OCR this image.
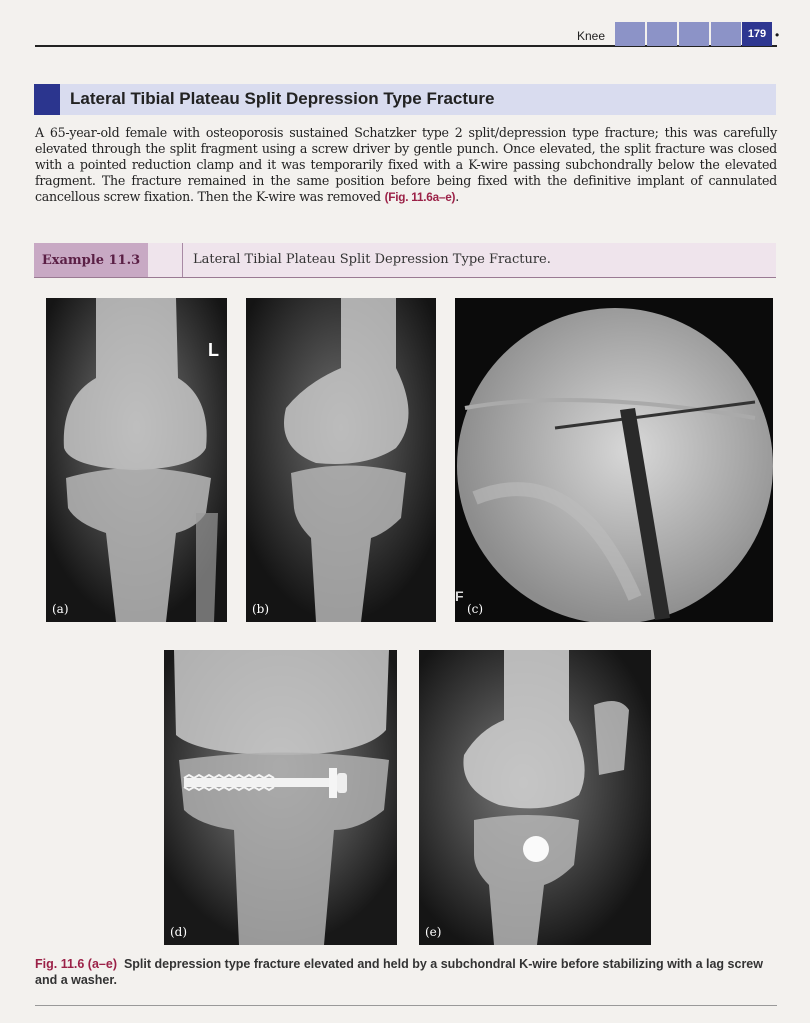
Knee	179 •
Lateral Tibial Plateau Split Depression Type Fracture
A 65-year-old female with osteoporosis sustained Schatzker type 2 split/depression type fracture; this was carefully elevated through the split fragment using a screw driver by gentle punch. Once elevated, the split fracture was closed with a pointed reduction clamp and it was temporarily fixed with a K-wire passing subchondrally below the elevated fragment. The fracture remained in the same position before being fixed with the definitive implant of cannulated cancellous screw fixation. Then the K-wire was removed (Fig. 11.6a–e).
Example 11.3	Lateral Tibial Plateau Split Depression Type Fracture.
L
(a)	(b)
F
(c)
(d)	(e)
Fig. 11.6 (a–e) Split depression type fracture elevated and held by a subchondral K-wire before stabilizing with a lag screw and a washer.
